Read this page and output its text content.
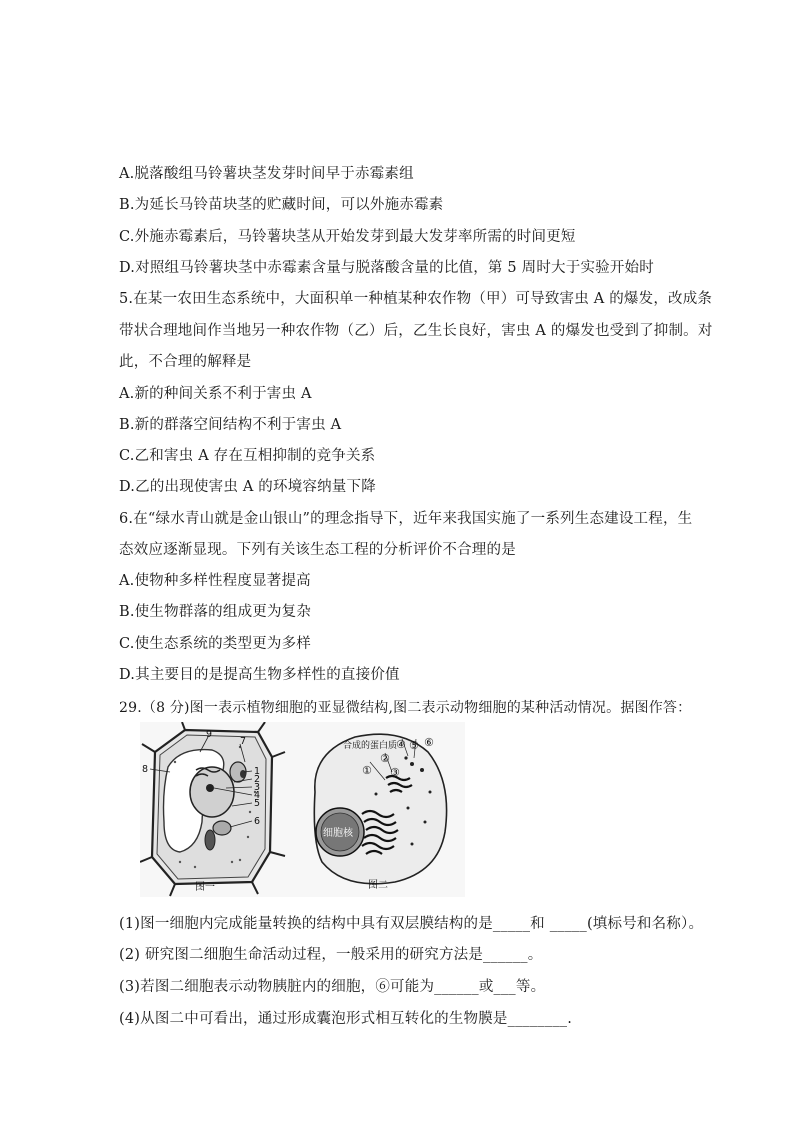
A.脱落酸组马铃薯块茎发芽时间早于赤霉素组
B.为延长马铃苗块茎的贮藏时间，可以外施赤霉素
C.外施赤霉素后，马铃薯块茎从开始发芽到最大发芽率所需的时间更短
D.对照组马铃薯块茎中赤霉素含量与脱落酸含量的比值，第 5 周时大于实验开始时
5.在某一农田生态系统中，大面积单一种植某种农作物（甲）可导致害虫 A 的爆发，改成条
带状合理地间作当地另一种农作物（乙）后，乙生长良好，害虫 A 的爆发也受到了抑制。对
此，不合理的解释是
A.新的种间关系不利于害虫 A
B.新的群落空间结构不利于害虫 A
C.乙和害虫 A 存在互相抑制的竞争关系
D.乙的出现使害虫 A 的环境容纳量下降
6.在“绿水青山就是金山银山”的理念指导下，近年来我国实施了一系列生态建设工程，生
态效应逐渐显现。下列有关该生态工程的分析评价不合理的是
A.使物种多样性程度显著提高
B.使生物群落的组成更为复杂
C.使生态系统的类型更为多样
D.其主要目的是提高生物多样性的直接价值
29.（8 分)图一表示植物细胞的亚显微结构,图二表示动物细胞的某种活动情况。据图作答：
9
7
8	1
2
3
4
5
6
图一
合成的蛋白质
④ ⑤ ⑥
②
① ③
细胞核
图二
(1)图一细胞内完成能量转换的结构中具有双层膜结构的是_____和 _____(填标号和名称）。
(2) 研究图二细胞生命活动过程，一般采用的研究方法是______。
(3)若图二细胞表示动物胰脏内的细胞，⑥可能为______或___等。
(4)从图二中可看出，通过形成囊泡形式相互转化的生物膜是________.
